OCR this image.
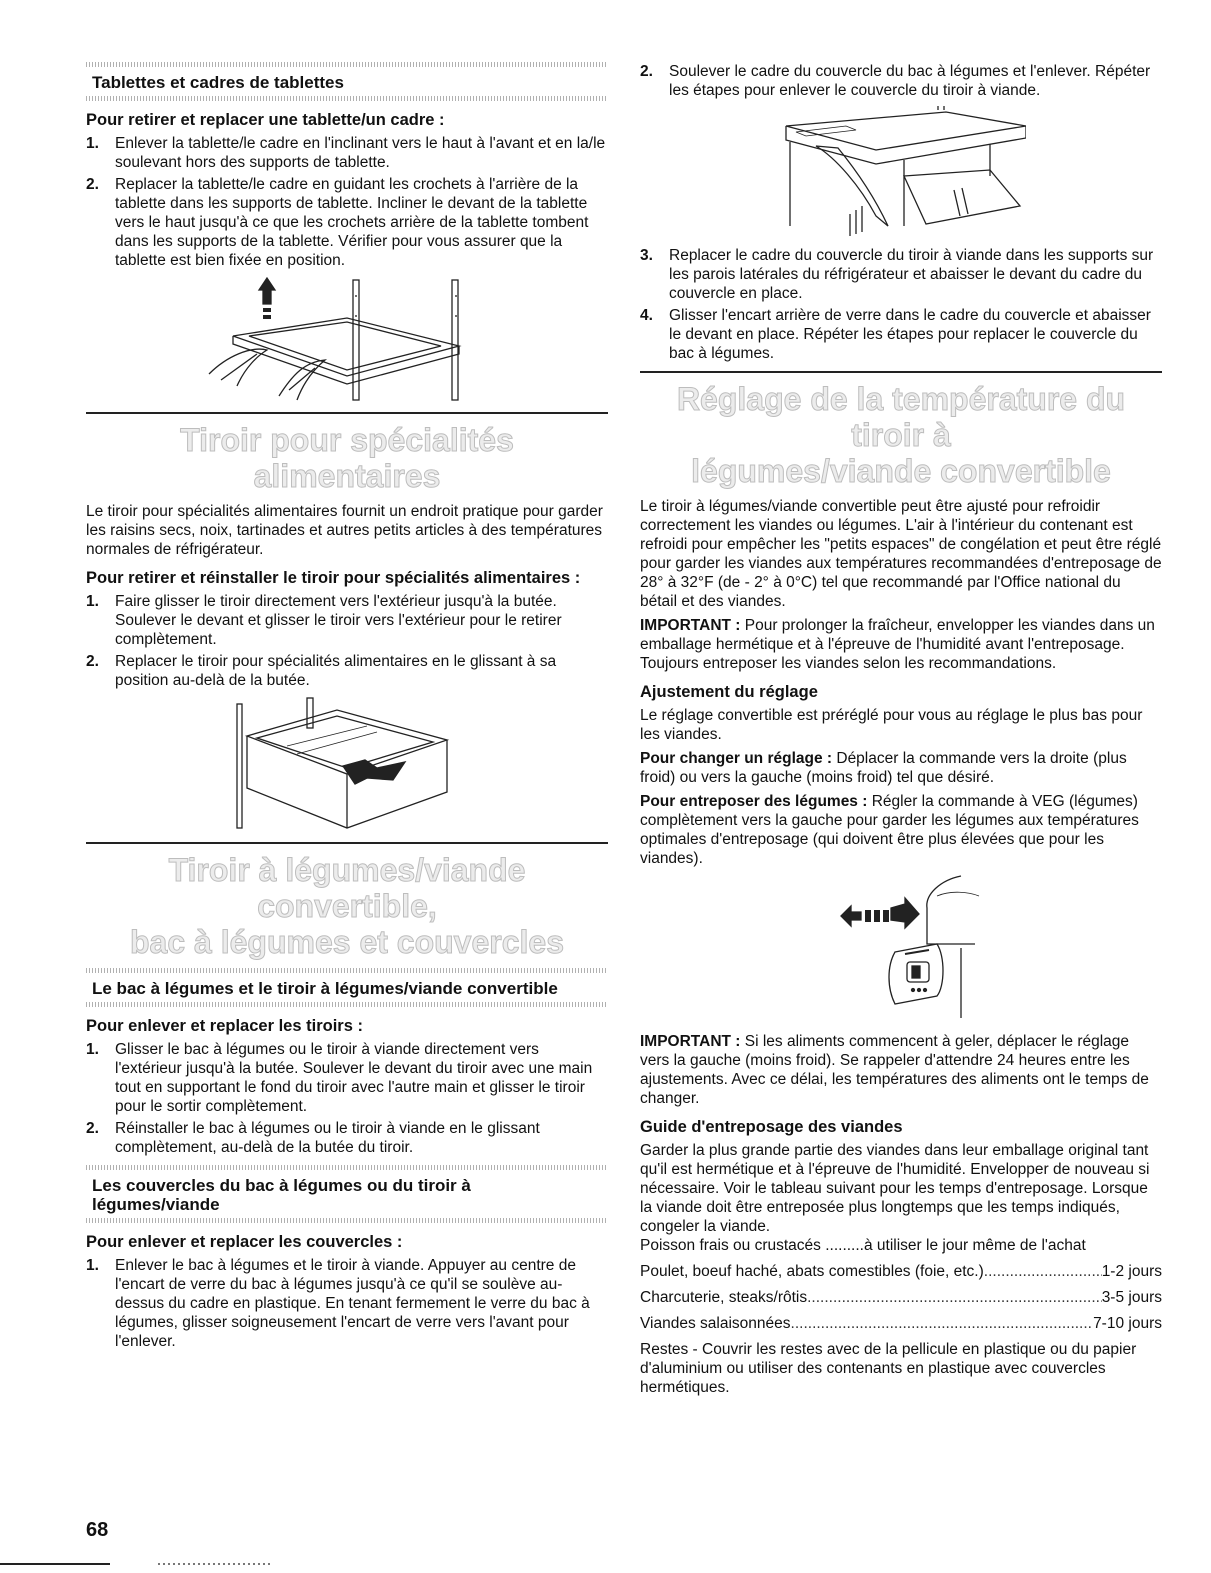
Tablettes et cadres de tablettes
Pour retirer et replacer une tablette/un cadre :
1. Enlever la tablette/le cadre en l'inclinant vers le haut à l'avant et en la/le soulevant hors des supports de tablette.
2. Replacer la tablette/le cadre en guidant les crochets à l'arrière de la tablette dans les supports de tablette. Incliner le devant de la tablette vers le haut jusqu'à ce que les crochets arrière de la tablette tombent dans les supports de la tablette. Vérifier pour vous assurer que la tablette est bien fixée en position.
Tiroir pour spécialités alimentaires

Le tiroir pour spécialités alimentaires fournit un endroit pratique pour garder les raisins secs, noix, tartinades et autres petits articles à des températures normales de réfrigérateur.

Pour retirer et réinstaller le tiroir pour spécialités alimentaires :
1. Faire glisser le tiroir directement vers l'extérieur jusqu'à la butée. Soulever le devant et glisser le tiroir vers l'extérieur pour le retirer complètement.
2. Replacer le tiroir pour spécialités alimentaires en le glissant à sa position au-delà de la butée.
Tiroir à légumes/viande convertible,
bac à légumes et couvercles
Le bac à légumes et le tiroir à légumes/viande convertible
Pour enlever et replacer les tiroirs :
1. Glisser le bac à légumes ou le tiroir à viande directement vers l'extérieur jusqu'à la butée. Soulever le devant du tiroir avec une main tout en supportant le fond du tiroir avec l'autre main et glisser le tiroir pour le sortir complètement.
2. Réinstaller le bac à légumes ou le tiroir à viande en le glissant complètement, au-delà de la butée du tiroir.
Les couvercles du bac à légumes ou du tiroir à légumes/viande
Pour enlever et replacer les couvercles :
1. Enlever le bac à légumes et le tiroir à viande. Appuyer au centre de l'encart de verre du bac à légumes jusqu'à ce qu'il se soulève au-dessus du cadre en plastique. En tenant fermement le verre du bac à légumes, glisser soigneusement l'encart de verre vers l'avant pour l'enlever.
2. Soulever le cadre du couvercle du bac à légumes et l'enlever. Répéter les étapes pour enlever le couvercle du tiroir à viande.
3. Replacer le cadre du couvercle du tiroir à viande dans les supports sur les parois latérales du réfrigérateur et abaisser le devant du cadre du couvercle en place.
4. Glisser l'encart arrière de verre dans le cadre du couvercle et abaisser le devant en place. Répéter les étapes pour replacer le couvercle du bac à légumes.
Réglage de la température du tiroir à
légumes/viande convertible

Le tiroir à légumes/viande convertible peut être ajusté pour refroidir correctement les viandes ou légumes. L'air à l'intérieur du contenant est refroidi pour empêcher les "petits espaces" de congélation et peut être réglé pour garder les viandes aux températures recommandées d'entreposage de 28° à 32°F (de - 2° à 0°C) tel que recommandé par l'Office national du bétail et des viandes.

IMPORTANT : Pour prolonger la fraîcheur, envelopper les viandes dans un emballage hermétique et à l'épreuve de l'humidité avant l'entreposage. Toujours entreposer les viandes selon les recommandations.

Ajustement du réglage

Le réglage convertible est préréglé pour vous au réglage le plus bas pour les viandes.

Pour changer un réglage : Déplacer la commande vers la droite (plus froid) ou vers la gauche (moins froid) tel que désiré.

Pour entreposer des légumes : Régler la commande à VEG (légumes) complètement vers la gauche pour garder les légumes aux températures optimales d'entreposage (qui doivent être plus élevées que pour les viandes).

IMPORTANT : Si les aliments commencent à geler, déplacer le réglage vers la gauche (moins froid). Se rappeler d'attendre 24 heures entre les ajustements. Avec ce délai, les températures des aliments ont le temps de changer.

Guide d'entreposage des viandes

Garder la plus grande partie des viandes dans leur emballage original tant qu'il est hermétique et à l'épreuve de l'humidité. Envelopper de nouveau si nécessaire. Voir le tableau suivant pour les temps d'entreposage. Lorsque la viande doit être entreposée plus longtemps que les temps indiqués, congeler la viande.

Poisson frais ou crustacés .........à utiliser le jour même de l'achat

Poulet, boeuf haché, abats comestibles (foie, etc.) .....	1-2 jours
Charcuterie, steaks/rôtis .....	3-5 jours
Viandes salaisonnées .....	7-10 jours

Restes - Couvrir les restes avec de la pellicule en plastique ou du papier d'aluminium ou utiliser des contenants en plastique avec couvercles hermétiques.

68
